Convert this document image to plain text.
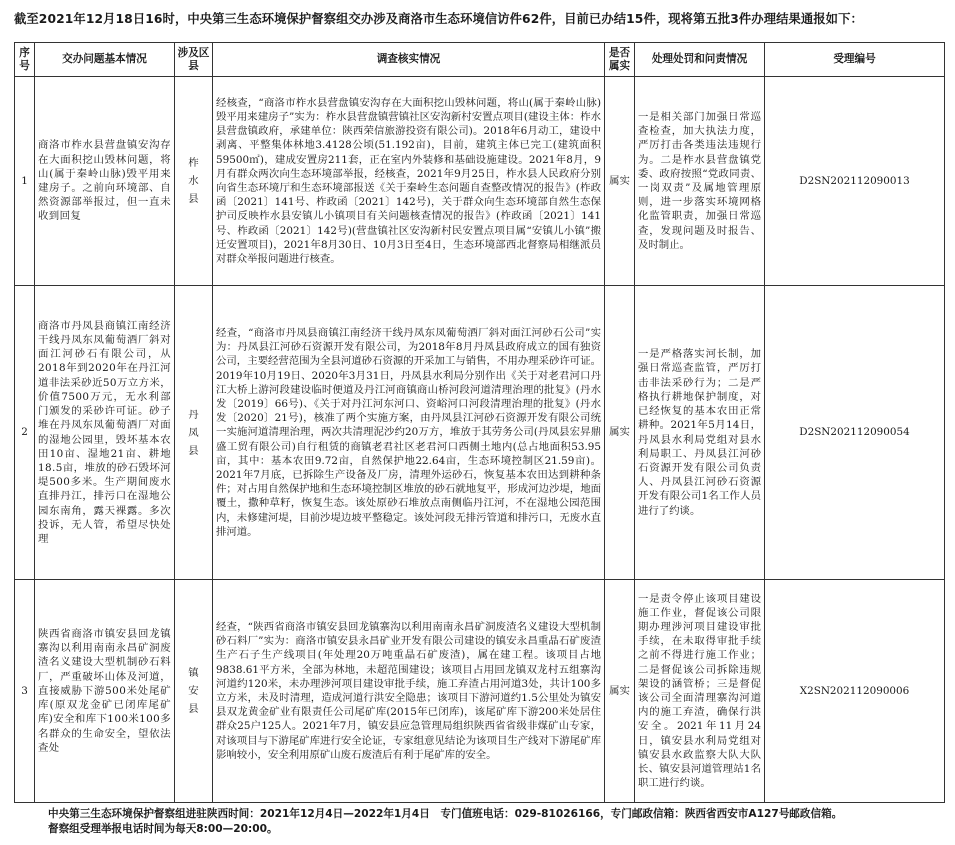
截至2021年12月18日16时，中央第三生态环境保护督察组交办涉及商洛市生态环境信访件62件，目前已办结15件，现将第五批3件办理结果通报如下：
序号	交办问题基本情况	涉及区县	调查核实情况	是否属实	处理处罚和问责情况	受理编号
1	商洛市柞水县营盘镇安沟存在大面积挖山毁林问题，将山(属于秦岭山脉)毁平用来建房子。之前向环境部、自然资源部举报过，但一直未收到回复	柞水县	经核查，“商洛市柞水县营盘镇安沟存在大面积挖山毁林问题，将山(属于秦岭山脉)毁平用来建房子”实为：柞水县营盘镇营镇社区安沟新村安置点项目(建设主体：柞水县营盘镇政府，承建单位：陕西荣信旅游投资有限公司)。2018年6月动工，建设中剥离、平整集体林地3.4128公顷(51.192亩)，目前，建筑主体已完工(建筑面积59500㎡)，建成安置房211套，正在室内外装修和基础设施建设。2021年8月，9月有群众两次向生态环境部举报，经核查，2021年9月25日，柞水县人民政府分别向省生态环境厅和生态环境部报送《关于秦岭生态问题自查整改情况的报告》(柞政函〔2021〕141号、柞政函〔2021〕142号)，关于群众向生态环境部自然生态保护司反映柞水县安镇儿小镇项目有关问题核查情况的报告》(柞政函〔2021〕141号、柞政函〔2021〕142号)(营盘镇社区安沟新村民安置点项目属“安镇儿小镇”搬迁安置项目)，2021年8月30日、10月3日至4日，生态环境部西北督察局相继派员对群众举报问题进行核查。	属实	一是相关部门加强日常巡查检查，加大执法力度，严厉打击各类违法违规行为。二是柞水县营盘镇党委、政府按照“党政同责、一岗双责”及属地管理原则，进一步落实环境网格化监管职责，加强日常巡查，发现问题及时报告、及时制止。	D2SN202112090013
2	商洛市丹凤县商镇江南经济干线丹凤东凤葡萄酒厂斜对面江河砂石有限公司，从2018年到2020年在丹江河道非法采砂近50万立方米，价值7500万元，无水利部门颁发的采砂许可证。砂子堆在丹凤东凤葡萄酒厂对面的湿地公园里，毁坏基本农田10亩、湿地21亩、耕地18.5亩，堆放的砂石毁坏河堤500多米。生产期间废水直排丹江，排污口在湿地公园东南角，露天裸露。多次投诉，无人管，希望尽快处理	丹凤县	经查，“商洛市丹凤县商镇江南经济干线丹凤东凤葡萄酒厂斜对面江河砂石公司”实为：丹凤县江河砂石资源开发有限公司，为2018年8月丹凤县政府成立的国有独资公司，主要经营范围为全县河道砂石资源的开采加工与销售，不用办理采砂许可证。2019年10月19日、2020年3月31日，丹凤县水利局分别作出《关于对老君河口丹江大桥上游河段建设临时便道及丹江河商镇商山桥河段河道清理治理的批复》(丹水发〔2019〕66号)、《关于对丹江河东河口、资峪河口河段清理治理的批复》(丹水发〔2020〕21号)，核准了两个实施方案，由丹凤县江河砂石资源开发有限公司统一实施河道清理治理，两次共清理泥沙约20万方，堆放于其劳务公司(丹凤县宏昇鼎盛工贸有限公司)自行租赁的商镇老君社区老君河口西侧土地内(总占地面积53.95亩，其中：基本农田9.72亩，自然保护地22.64亩，生态环境控制区21.59亩)。2021年7月底，已拆除生产设备及厂房，清理外运砂石，恢复基本农田达到耕种条件；对占用自然保护地和生态环境控制区堆放的砂石就地复平，形成河边沙堤，地面覆土，撒种草籽，恢复生态。该处原砂石堆放点南侧临丹江河，不在湿地公园范围内，未修建河堤，目前沙堤边坡平整稳定。该处河段无排污管道和排污口，无废水直排河道。	属实	一是严格落实河长制，加强日常巡查监管，严厉打击非法采砂行为；二是严格执行耕地保护制度，对已经恢复的基本农田正常耕种。2021年5月14日，丹凤县水利局党组对县水利局职工、丹凤县江河砂石资源开发有限公司负责人、丹凤县江河砂石资源开发有限公司1名工作人员进行了约谈。	D2SN202112090054
3	陕西省商洛市镇安县回龙镇寨沟以利用南南永昌矿洞废渣名义建设大型机制砂石料厂，严重破坏山体及河道，直接威胁下游500米处尾矿库(原双龙金矿已闭库尾矿库)安全和库下100米100多名群众的生命安全，望依法查处	镇安县	经查，“陕西省商洛市镇安县回龙镇寨沟以利用南南永昌矿洞废渣名义建设大型机制砂石料厂”实为：商洛市镇安县永昌矿业开发有限公司建设的镇安永昌重晶石矿废渣生产石子生产线项目(年处理20万吨重晶石矿废渣)，属在建工程。该项目占地9838.61平方米，全部为林地，未超范围建设；该项目占用回龙镇双龙村五组寨沟河道约120米，未办理涉河项目建设审批手续，施工弃渣占用河道3处，共计100多立方米，未及时清理，造成河道行洪安全隐患；该项目下游河道约1.5公里处为镇安县双龙黄金矿业有限责任公司尾矿库(2015年已闭库)，该尾矿库下游200米处居住群众25户125人。2021年7月，镇安县应急管理局组织陕西省省级非煤矿山专家，对该项目与下游尾矿库进行安全论证，专家组意见结论为该项目生产线对下游尾矿库影响较小，安全利用原矿山废石废渣后有利于尾矿库的安全。	属实	一是责令停止该项目建设施工作业，督促该公司限期办理涉河项目建设审批手续，在未取得审批手续之前不得进行施工作业；二是督促该公司拆除违规架设的涵管桥；三是督促该公司全面清理寨沟河道内的施工弃渣，确保行洪安全。2021年11月24日，镇安县水利局党组对镇安县水政监察大队大队长、镇安县河道管理站1名职工进行约谈。	X2SN202112090006
中央第三生态环境保护督察组进驻陕西时间：2021年12月4日—2022年1月4日　专门值班电话：029-81026166，专门邮政信箱：陕西省西安市A127号邮政信箱。
督察组受理举报电话时间为每天8:00—20:00。
